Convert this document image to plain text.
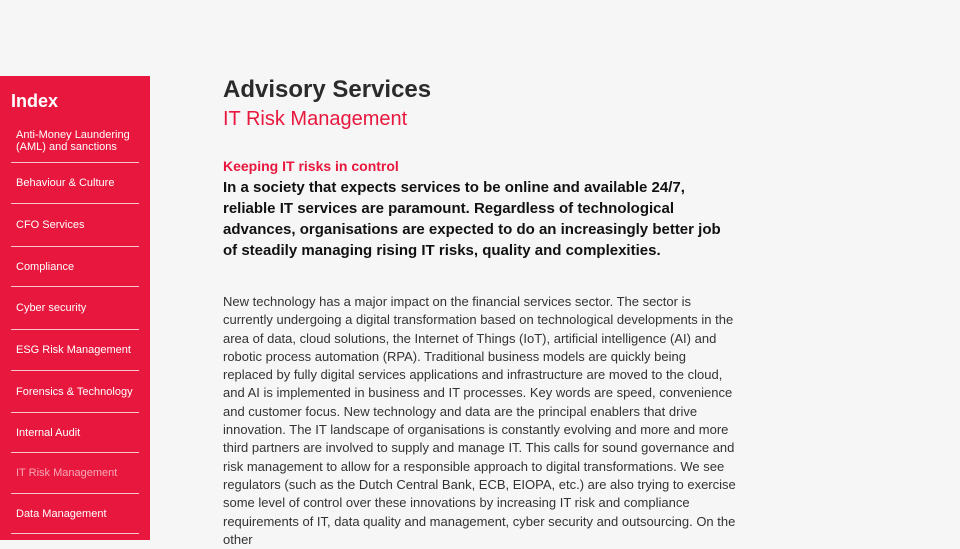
Index
Anti-Money Laundering (AML) and sanctions
Behaviour & Culture
CFO Services
Compliance
Cyber security
ESG Risk Management
Forensics & Technology
Internal Audit
IT Risk Management
Data Management
Advisory Services
IT Risk Management
Keeping IT risks in control

In a society that expects services to be online and available 24/7, reliable IT services are paramount. Regardless of technological advances, organisations are expected to do an increasingly better job of steadily managing rising IT risks, quality and complexities.

New technology has a major impact on the financial services sector. The sector is currently undergoing a digital transformation based on technological developments in the area of data, cloud solutions, the Internet of Things (IoT), artificial intelligence (AI) and robotic process automation (RPA). Traditional business models are quickly being replaced by fully digital services applications and infrastructure are moved to the cloud, and AI is implemented in business and IT processes. Key words are speed, convenience and customer focus. New technology and data are the principal enablers that drive innovation. The IT landscape of organisations is constantly evolving and more and more third partners are involved to supply and manage IT. This calls for sound governance and risk management to allow for a responsible approach to digital transformations. We see regulators (such as the Dutch Central Bank, ECB, EIOPA, etc.) are also trying to exercise some level of control over these innovations by increasing IT risk and compliance requirements of IT, data quality and management, cyber security and outsourcing. On the other
